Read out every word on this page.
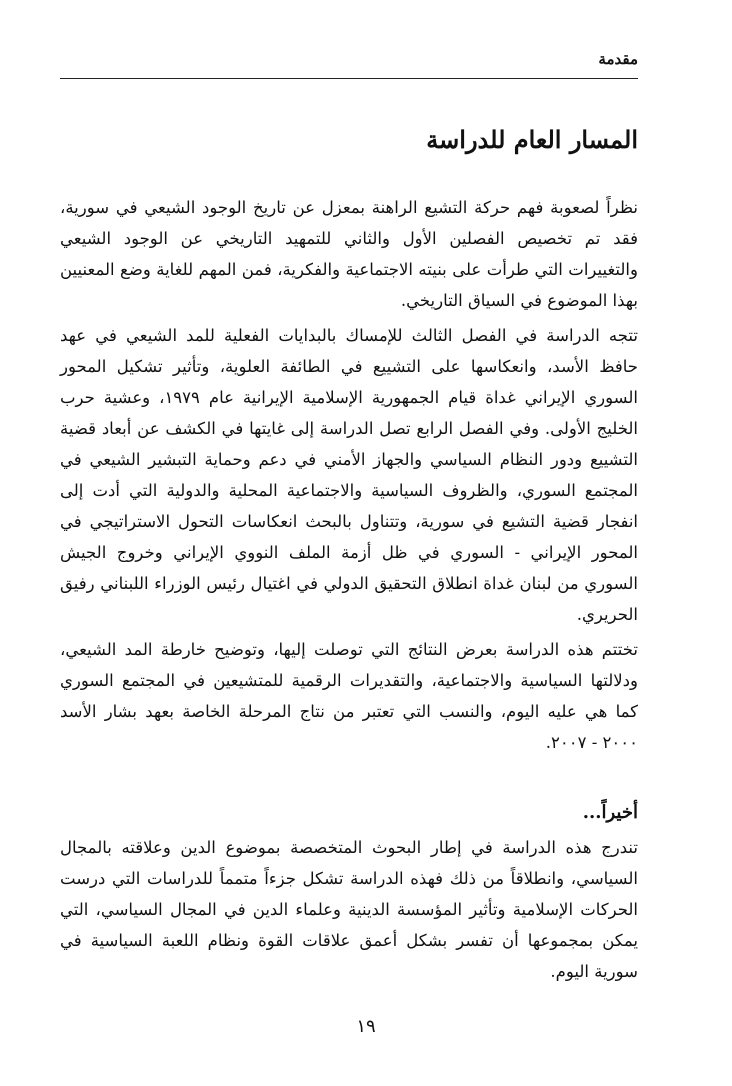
مقدمة
المسار العام للدراسة

نظراً لصعوبة فهم حركة التشيع الراهنة بمعزل عن تاريخ الوجود الشيعي في سورية، فقد تم تخصيص الفصلين الأول والثاني للتمهيد التاريخي عن الوجود الشيعي والتغييرات التي طرأت على بنيته الاجتماعية والفكرية، فمن المهم للغاية وضع المعنيين بهذا الموضوع في السياق التاريخي.

تتجه الدراسة في الفصل الثالث للإمساك بالبدايات الفعلية للمد الشيعي في عهد حافظ الأسد، وانعكاسها على التشييع في الطائفة العلوية، وتأثير تشكيل المحور السوري الإيراني غداة قيام الجمهورية الإسلامية الإيرانية عام ١٩٧٩، وعشية حرب الخليج الأولى. وفي الفصل الرابع تصل الدراسة إلى غايتها في الكشف عن أبعاد قضية التشييع ودور النظام السياسي والجهاز الأمني في دعم وحماية التبشير الشيعي في المجتمع السوري، والظروف السياسية والاجتماعية المحلية والدولية التي أدت إلى انفجار قضية التشيع في سورية، وتتناول بالبحث انعكاسات التحول الاستراتيجي في المحور الإيراني - السوري في ظل أزمة الملف النووي الإيراني وخروج الجيش السوري من لبنان غداة انطلاق التحقيق الدولي في اغتيال رئيس الوزراء اللبناني رفيق الحريري.

تختتم هذه الدراسة بعرض النتائج التي توصلت إليها، وتوضيح خارطة المد الشيعي، ودلالتها السياسية والاجتماعية، والتقديرات الرقمية للمتشيعين في المجتمع السوري كما هي عليه اليوم، والنسب التي تعتبر من نتاج المرحلة الخاصة بعهد بشار الأسد ٢٠٠٠ - ٢٠٠٧.

أخيراً...

تندرج هذه الدراسة في إطار البحوث المتخصصة بموضوع الدين وعلاقته بالمجال السياسي، وانطلاقاً من ذلك فهذه الدراسة تشكل جزءاً متمماً للدراسات التي درست الحركات الإسلامية وتأثير المؤسسة الدينية وعلماء الدين في المجال السياسي، التي يمكن بمجموعها أن تفسر بشكل أعمق علاقات القوة ونظام اللعبة السياسية في سورية اليوم.

١٩
